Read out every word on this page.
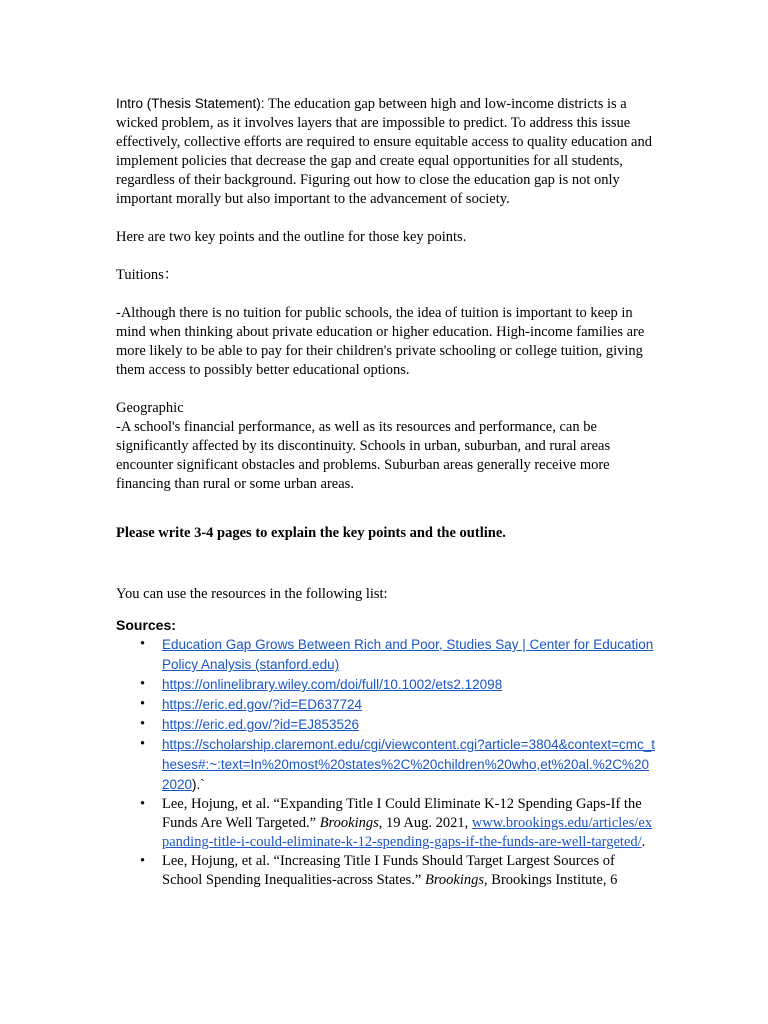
Intro (Thesis Statement): The education gap between high and low-income districts is a wicked problem, as it involves layers that are impossible to predict. To address this issue effectively, collective efforts are required to ensure equitable access to quality education and implement policies that decrease the gap and create equal opportunities for all students, regardless of their background. Figuring out how to close the education gap is not only important morally but also important to the advancement of society.

Here are two key points and the outline for those key points.

Tuitions：

-Although there is no tuition for public schools, the idea of tuition is important to keep in mind when thinking about private education or higher education. High-income families are more likely to be able to pay for their children's private schooling or college tuition, giving them access to possibly better educational options.

Geographic

-A school's financial performance, as well as its resources and performance, can be significantly affected by its discontinuity. Schools in urban, suburban, and rural areas encounter significant obstacles and problems. Suburban areas generally receive more financing than rural or some urban areas.

Please write 3-4 pages to explain the key points and the outline.

You can use the resources in the following list:

Sources:

• Education Gap Grows Between Rich and Poor, Studies Say | Center for Education Policy Analysis (stanford.edu)
• https://onlinelibrary.wiley.com/doi/full/10.1002/ets2.12098
• https://eric.ed.gov/?id=ED637724
• https://eric.ed.gov/?id=EJ853526
• https://scholarship.claremont.edu/cgi/viewcontent.cgi?article=3804&context=cmc_theses#:~:text=In%20most%20states%2C%20children%20who,et%20al.%2C%202020).`
• Lee, Hojung, et al. “Expanding Title I Could Eliminate K-12 Spending Gaps-If the Funds Are Well Targeted.” Brookings, 19 Aug. 2021, www.brookings.edu/articles/expanding-title-i-could-eliminate-k-12-spending-gaps-if-the-funds-are-well-targeted/.
• Lee, Hojung, et al. “Increasing Title I Funds Should Target Largest Sources of School Spending Inequalities-across States.” Brookings, Brookings Institute, 6
